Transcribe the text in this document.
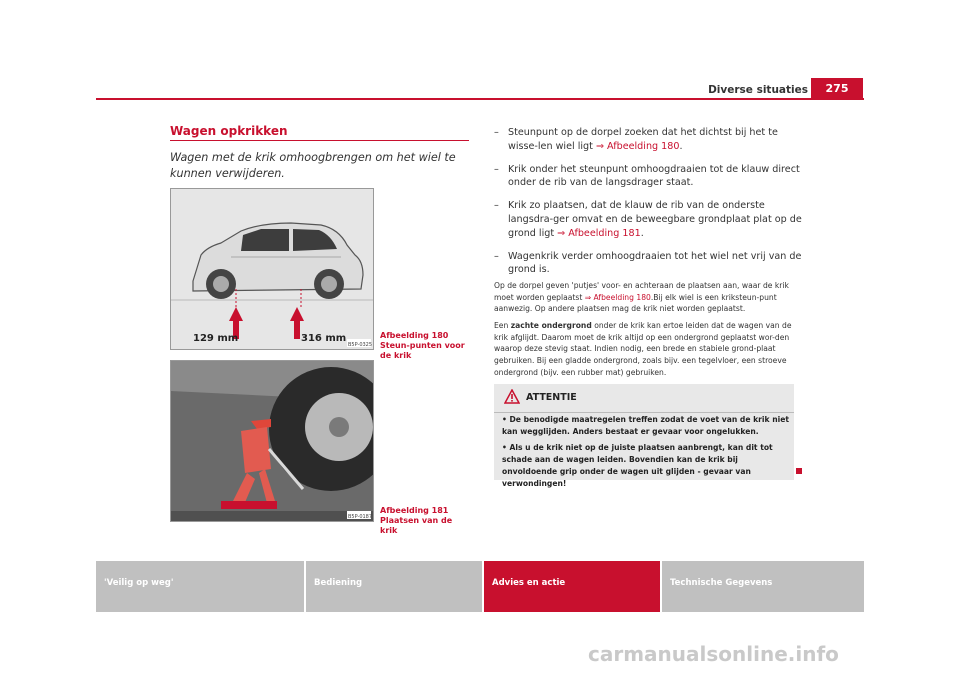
Diverse situaties	275
Wagen opkrikken
Wagen met de krik omhoogbrengen om het wiel te kunnen verwijderen.
129 mm	316 mm
B5P-0325
Afbeelding 180 Steun-punten voor de krik
B5P-0187
Afbeelding 181 Plaatsen van de krik
– Steunpunt op de dorpel zoeken dat het dichtst bij het te wisse-len wiel ligt ⇒ Afbeelding 180.
– Krik onder het steunpunt omhoogdraaien tot de klauw direct onder de rib van de langsdrager staat.
– Krik zo plaatsen, dat de klauw de rib van de onderste langsdra-ger omvat en de beweegbare grondplaat plat op de grond ligt ⇒ Afbeelding 181.
– Wagenkrik verder omhoogdraaien tot het wiel net vrij van de grond is.

Op de dorpel geven 'putjes' voor- en achteraan de plaatsen aan, waar de krik moet worden geplaatst ⇒ Afbeelding 180.Bij elk wiel is een kriksteun-punt aanwezig. Op andere plaatsen mag de krik niet worden geplaatst.

Een zachte ondergrond onder de krik kan ertoe leiden dat de wagen van de krik afglijdt. Daarom moet de krik altijd op een ondergrond geplaatst wor-den waarop deze stevig staat. Indien nodig, een brede en stabiele grond-plaat gebruiken. Bij een gladde ondergrond, zoals bijv. een tegelvloer, een stroeve ondergrond (bijv. een rubber mat) gebruiken.

ATTENTIE
• De benodigde maatregelen treffen zodat de voet van de krik niet kan wegglijden. Anders bestaat er gevaar voor ongelukken.
• Als u de krik niet op de juiste plaatsen aanbrengt, kan dit tot schade aan de wagen leiden. Bovendien kan de krik bij onvoldoende grip onder de wagen uit glijden - gevaar van verwondingen!
'Veilig op weg'	Bediening	Advies en actie	Technische Gegevens
carmanualsonline.info
